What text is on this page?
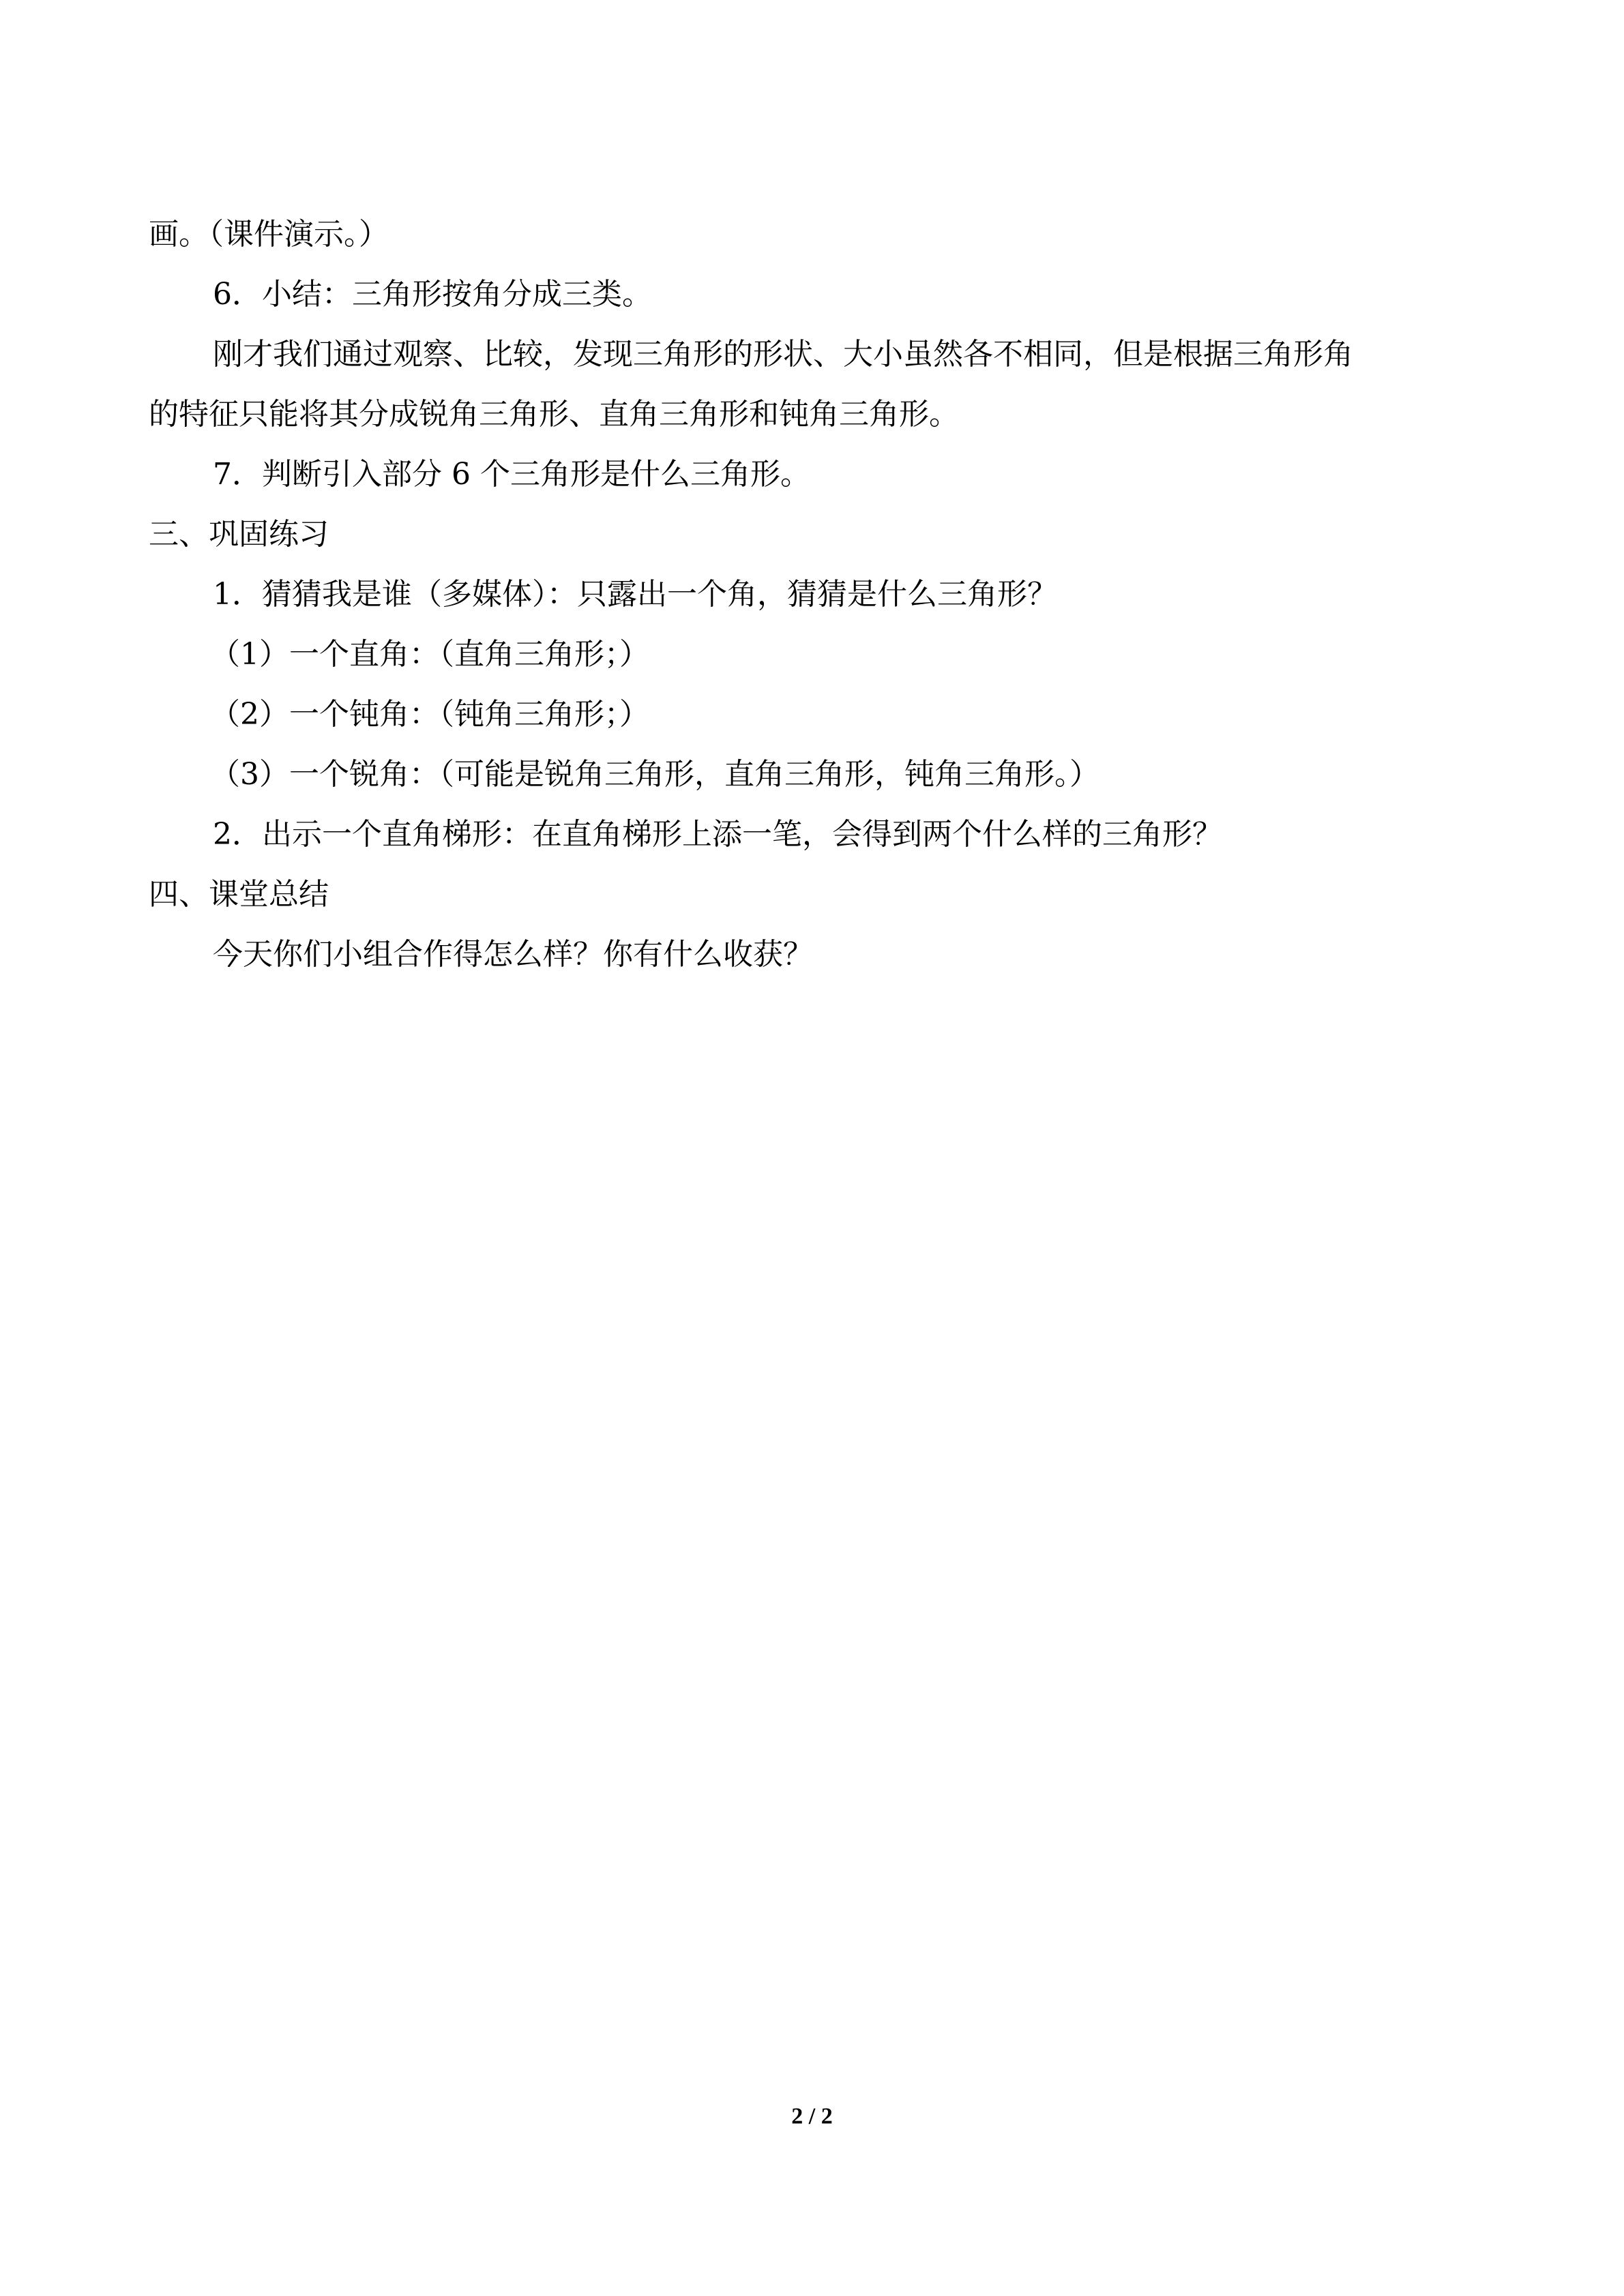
画。（课件演示。）

6．小结：三角形按角分成三类。

刚才我们通过观察、比较，发现三角形的形状、大小虽然各不相同，但是根据三角形角

的特征只能将其分成锐角三角形、直角三角形和钝角三角形。

7．判断引入部分 6 个三角形是什么三角形。

三、巩固练习

1．猜猜我是谁（多媒体）：只露出一个角，猜猜是什么三角形？

（1）一个直角：（直角三角形；）

（2）一个钝角：（钝角三角形；）

（3）一个锐角：（可能是锐角三角形，直角三角形，钝角三角形。）

2．出示一个直角梯形：在直角梯形上添一笔，会得到两个什么样的三角形？

四、课堂总结

今天你们小组合作得怎么样？你有什么收获？

2 / 2
